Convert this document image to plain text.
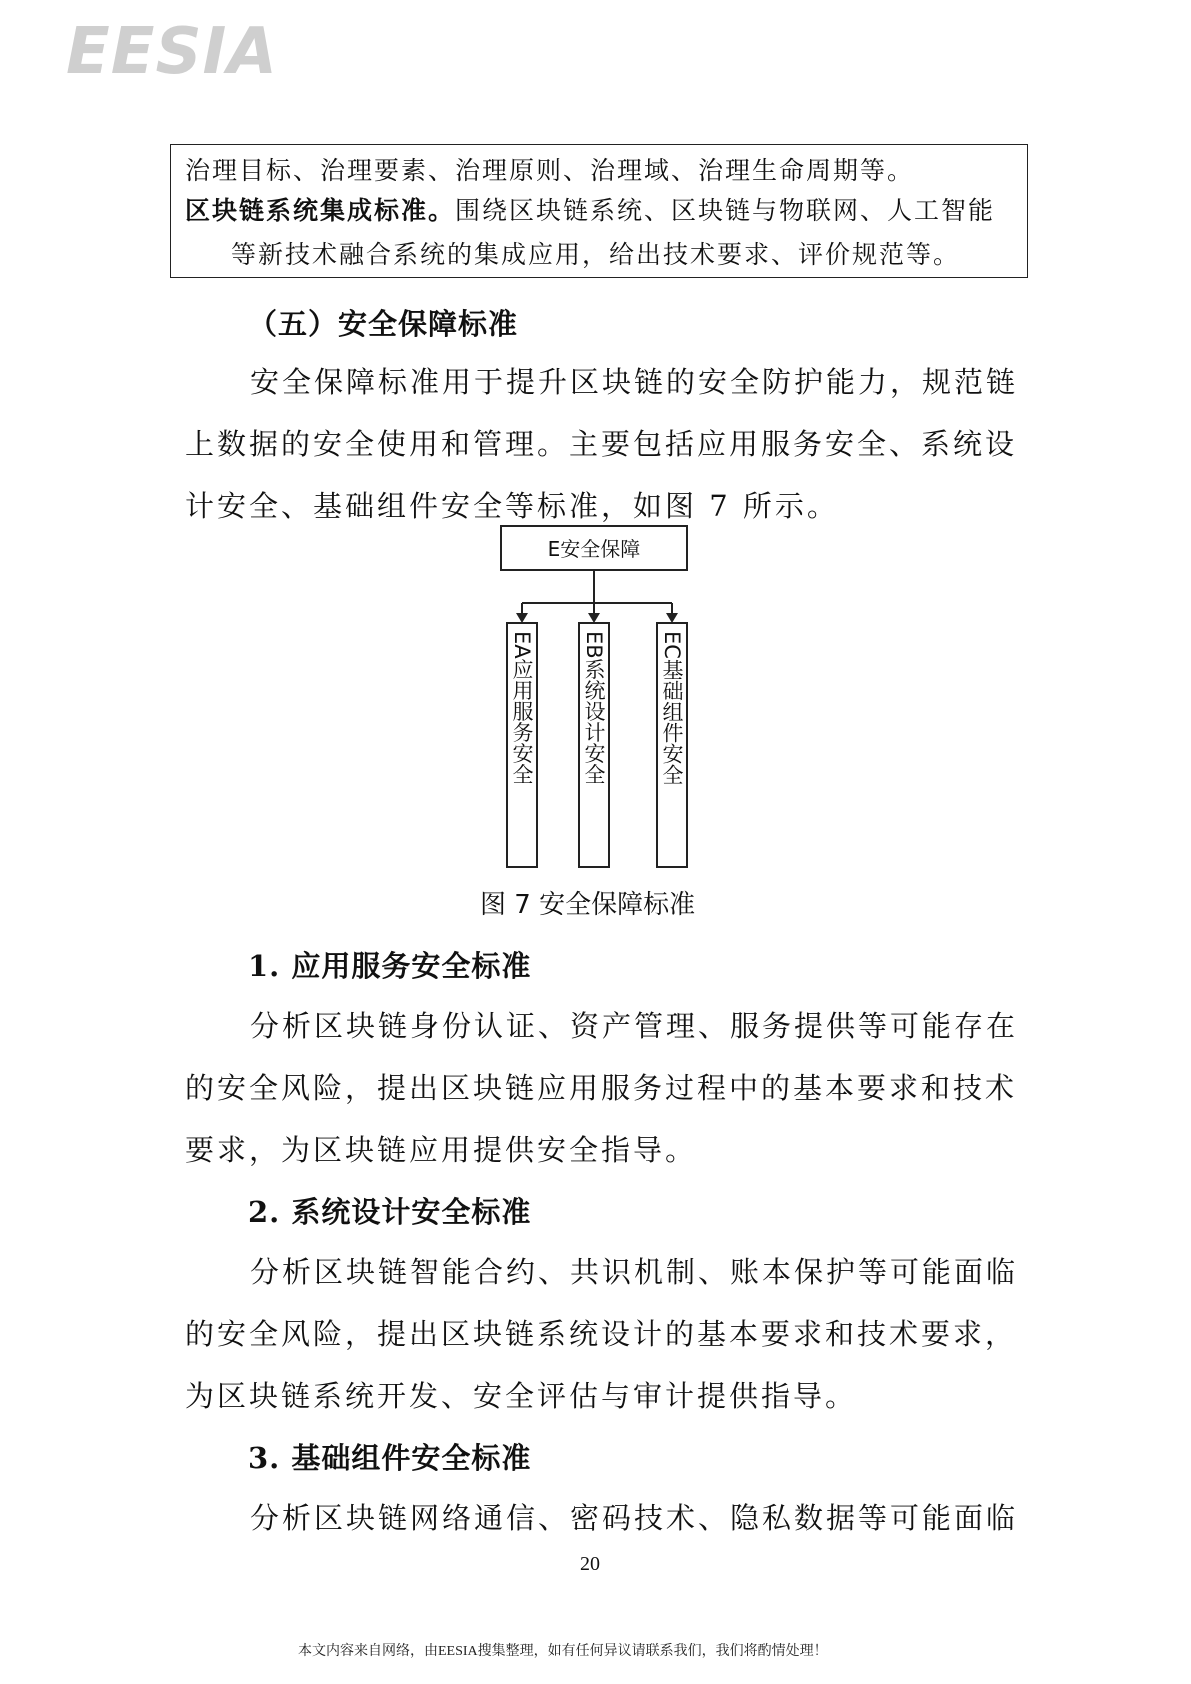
EESIA

治理目标、治理要素、治理原则、治理域、治理生命周期等。

区块链系统集成标准。围绕区块链系统、区块链与物联网、人工智能

等新技术融合系统的集成应用，给出技术要求、评价规范等。

（五）安全保障标准

安全保障标准用于提升区块链的安全防护能力，规范链

上数据的安全使用和管理。主要包括应用服务安全、系统设

计安全、基础组件安全等标准，如图 7 所示。

E安全保障
EA应用服务安全 EB系统设计安全	EC基础组件安全
图 7 安全保障标准
1. 应用服务安全标准

分析区块链身份认证、资产管理、服务提供等可能存在

的安全风险，提出区块链应用服务过程中的基本要求和技术

要求，为区块链应用提供安全指导。

2. 系统设计安全标准

分析区块链智能合约、共识机制、账本保护等可能面临

的安全风险，提出区块链系统设计的基本要求和技术要求，

为区块链系统开发、安全评估与审计提供指导。

3. 基础组件安全标准

分析区块链网络通信、密码技术、隐私数据等可能面临

20
本文内容来自网络，由EESIA搜集整理，如有任何异议请联系我们，我们将酌情处理！
